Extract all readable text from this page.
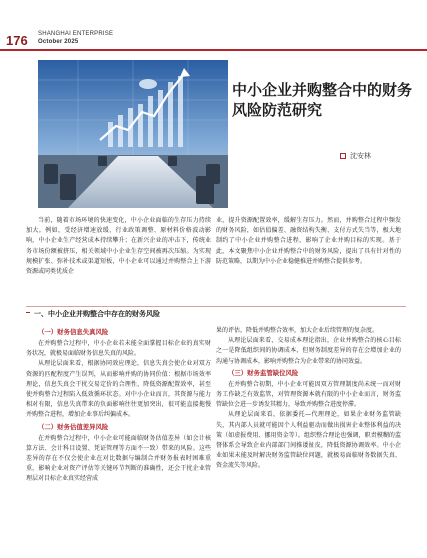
176 SHANGHAI ENTERPRISE
October 2025
中小企业并购整合中的财务风险防范研究
沈安林

当前，随着市场环境的快速变化，中小企业面临的生存压力持续加大。例如，受经济增速放缓、行业政策调整、原材料价格波动影响，中小企业生产经营成本持续攀升；在新兴企业的冲击下，传统业务市场份额被挤压，相关领域中小企业生存空间被再次压缩。为实现规模扩张、弥补技术或渠道短板，中小企业可以通过并购整合上下游资源或同类优质企

业，提升资源配置效率，缓解生存压力。然而，并购整合过程中频发的财务风险，如估值偏差、融资结构失衡、支付方式失当等，极大地制约了中小企业并购整合进程，影响了企业并购目标的实现。基于此，本文聚焦中小企业并购整合中的财务风险，提出了具有针对性的防范策略，以期为中小企业稳健推进并购整合提供参考。

一、中小企业并购整合中存在的财务风险
（一）财务信息失真风险

在并购整合过程中，中小企业若未能全面掌握目标企业的真实财务状况，就极易面临财务信息失真的风险。

从理论层面来看，根据协同效应理论，信息失真会使企业对双方资源的匹配程度产生误判，从而影响并购的协同价值：根据市场效率理论，信息失真会干扰交易定价的合理性，降低资源配置效率，甚至使并购整合过程陷入低效循环状态。对中小企业而言，其资源与能力相对有限，信息失真带来的负面影响往往更加突出，很可能直接拖慢并购整合进程，增加企业事后纠偏成本。

（二）财务估值差异风险

在并购整合过程中，中小企业可能面临财务估值差异（如会计核算方法、会计科目设置、凭证管理等方面不一致）带来的风险。这些差异的存在不仅会使企业在对比数据与编制合并财务报表时困难重重，影响企业对资产评估等关键环节判断的准确性，还会干扰企业管理层对目标企业真实经营成

果的评估，降低并购整合效率，加大企业后续管理的复杂度。

从理论层面来看，交易成本理论指出，企业并购整合的核心目标之一是降低组织间的协调成本，但财务制度差异的存在会增加企业的沟通与协调成本，影响并购整合为企业带来的协同效益。

（三）财务监管缺位风险

在并购整合初期，中小企业可能因双方管理制度尚未统一而对财务工作缺乏有效监管，对管理资源本就有限的中小企业而言，财务监管缺位会进一步诱发其精力，导致并购整合进度停滞。

从理论层面来看，依据委托—代理理论，如果企业财务监管缺失，其内部人员就可能因个人利益驱动而做出损害企业整体利益的决策（如虚报费用、挪用资金等）。组织整合理论也强调，职责模糊的监督体系会导致企业内部部门间推诿扯皮，降低资源协调效率。中小企业如果未能及时解决财务监管缺位问题，就极易面临财务数据失真、资金流失等风险。
